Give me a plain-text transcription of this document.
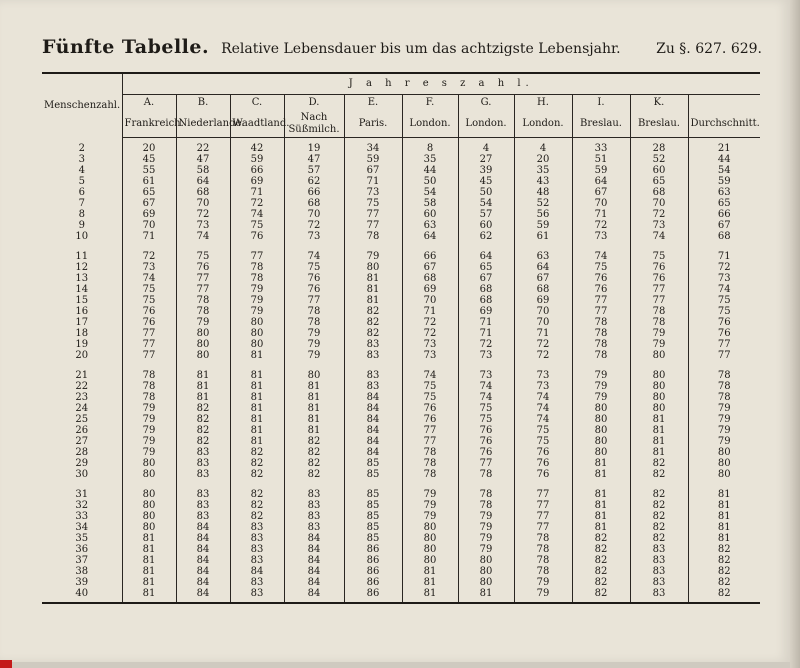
Fünfte Tabelle. Relative Lebensdauer bis um das achtzigste Lebensjahr.	Zu §. 627. 629.
Menschenzahl.	J a h r e s z a h l.										
	A.	B.	C.	D.	E.	F.	G.	H.	I.	K.	
	Frankreich.	Niederlande.	Waadtland.	Nach Süßmilch.	Paris.	London.	London.	London.	Breslau.	Breslau.	Durchschnitt.
2	20	22	42	19	34	8	4	4	33	28	21
3	45	47	59	47	59	35	27	20	51	52	44
4	55	58	66	57	67	44	39	35	59	60	54
5	61	64	69	62	71	50	45	43	64	65	59
6	65	68	71	66	73	54	50	48	67	68	63
7	67	70	72	68	75	58	54	52	70	70	65
8	69	72	74	70	77	60	57	56	71	72	66
9	70	73	75	72	77	63	60	59	72	73	67
10	71	74	76	73	78	64	62	61	73	74	68

11	72	75	77	74	79	66	64	63	74	75	71
12	73	76	78	75	80	67	65	64	75	76	72
13	74	77	78	76	81	68	67	67	76	76	73
14	75	77	79	76	81	69	68	68	76	77	74
15	75	78	79	77	81	70	68	69	77	77	75
16	76	78	79	78	82	71	69	70	77	78	75
17	76	79	80	78	82	72	71	70	78	78	76
18	77	80	80	79	82	72	71	71	78	79	76
19	77	80	80	79	83	73	72	72	78	79	77
20	77	80	81	79	83	73	73	72	78	80	77

21	78	81	81	80	83	74	73	73	79	80	78
22	78	81	81	81	83	75	74	73	79	80	78
23	78	81	81	81	84	75	74	74	79	80	78
24	79	82	81	81	84	76	75	74	80	80	79
25	79	82	81	81	84	76	75	74	80	81	79
26	79	82	81	81	84	77	76	75	80	81	79
27	79	82	81	82	84	77	76	75	80	81	79
28	79	83	82	82	84	78	76	76	80	81	80
29	80	83	82	82	85	78	77	76	81	82	80
30	80	83	82	82	85	78	78	76	81	82	80

31	80	83	82	83	85	79	78	77	81	82	81
32	80	83	82	83	85	79	78	77	81	82	81
33	80	83	82	83	85	79	79	77	81	82	81
34	80	84	83	83	85	80	79	77	81	82	81
35	81	84	83	84	85	80	79	78	82	82	81
36	81	84	83	84	86	80	79	78	82	83	82
37	81	84	83	84	86	80	80	78	82	83	82
38	81	84	84	84	86	81	80	78	82	83	82
39	81	84	83	84	86	81	80	79	82	83	82
40	81	84	83	84	86	81	81	79	82	83	82
